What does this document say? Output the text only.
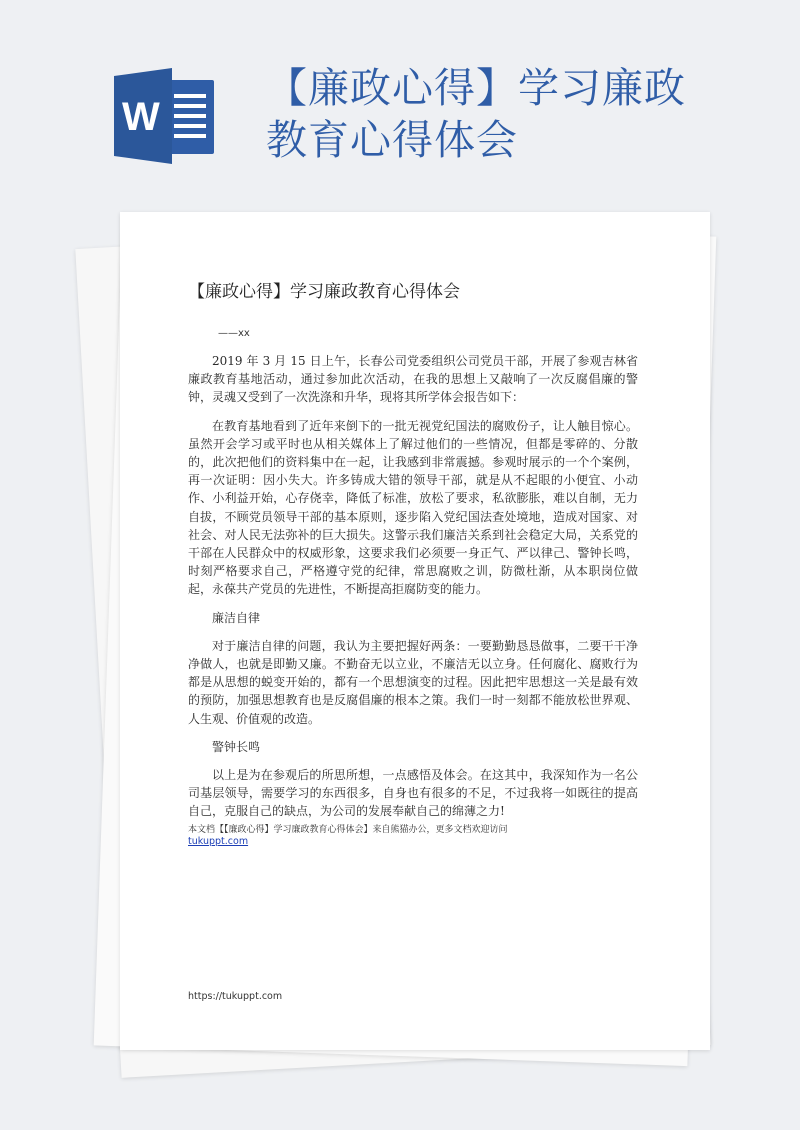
W
【廉政心得】学习廉政
教育心得体会
【廉政心得】学习廉政教育心得体会
——xx

2019 年 3 月 15 日上午，长春公司党委组织公司党员干部，开展了参观吉林省廉政教育基地活动，通过参加此次活动，在我的思想上又敲响了一次反腐倡廉的警钟，灵魂又受到了一次洗涤和升华，现将其所学体会报告如下：

在教育基地看到了近年来倒下的一批无视党纪国法的腐败份子，让人触目惊心。虽然开会学习或平时也从相关媒体上了解过他们的一些情况，但都是零碎的、分散的，此次把他们的资料集中在一起，让我感到非常震撼。参观时展示的一个个案例，再一次证明：因小失大。许多铸成大错的领导干部，就是从不起眼的小便宜、小动作、小利益开始，心存侥幸，降低了标准，放松了要求，私欲膨胀，难以自制，无力自拔，不顾党员领导干部的基本原则，逐步陷入党纪国法查处境地，造成对国家、对社会、对人民无法弥补的巨大损失。这警示我们廉洁关系到社会稳定大局，关系党的干部在人民群众中的权威形象，这要求我们必须要一身正气、严以律己、警钟长鸣，时刻严格要求自己，严格遵守党的纪律，常思腐败之训，防微杜渐，从本职岗位做起，永葆共产党员的先进性，不断提高拒腐防变的能力。

廉洁自律

对于廉洁自律的问题，我认为主要把握好两条：一要勤勤恳恳做事，二要干干净净做人，也就是即勤又廉。不勤奋无以立业，不廉洁无以立身。任何腐化、腐败行为都是从思想的蜕变开始的，都有一个思想演变的过程。因此把牢思想这一关是最有效的预防，加强思想教育也是反腐倡廉的根本之策。我们一时一刻都不能放松世界观、人生观、价值观的改造。

警钟长鸣

以上是为在参观后的所思所想，一点感悟及体会。在这其中，我深知作为一名公司基层领导，需要学习的东西很多，自身也有很多的不足，不过我将一如既往的提高自己，克服自己的缺点，为公司的发展奉献自己的绵薄之力!

本文档【【廉政心得】学习廉政教育心得体会】来自熊猫办公，更多文档欢迎访问
tukuppt.com
https://tukuppt.com
